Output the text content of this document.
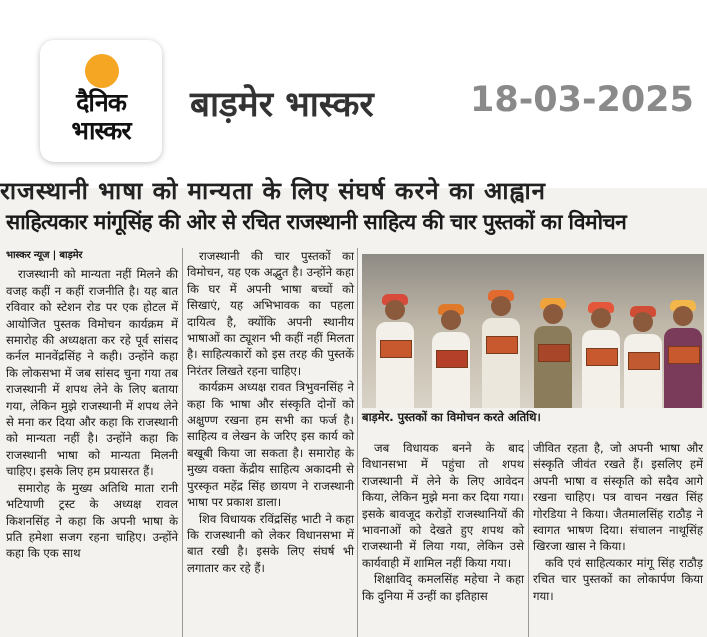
दैनिक
भास्कर
बाड़मेर भास्कर	18-03-2025
राजस्थानी भाषा को मान्यता के लिए संघर्ष करने का आह्वान
साहित्यकार मांगूसिंह की ओर से रचित राजस्थानी साहित्य की चार पुस्तकों का विमोचन
भास्कर न्यूज | बाड़मेर

राजस्थानी को मान्यता नहीं मिलने की वजह कहीं न कहीं राजनीति है। यह बात रविवार को स्टेशन रोड पर एक होटल में आयोजित पुस्तक विमोचन कार्यक्रम में समारोह की अध्यक्षता कर रहे पूर्व सांसद कर्नल मानवेंद्रसिंह ने कही। उन्होंने कहा कि लोकसभा में जब सांसद चुना गया तब राजस्थानी में शपथ लेने के लिए बताया गया, लेकिन मुझे राजस्थानी में शपथ लेने से मना कर दिया और कहा कि राजस्थानी को मान्यता नहीं है। उन्होंने कहा कि राजस्थानी भाषा को मान्यता मिलनी चाहिए। इसके लिए हम प्रयासरत हैं।

समारोह के मुख्य अतिथि माता रानी भटियाणी ट्रस्ट के अध्यक्ष रावल किशनसिंह ने कहा कि अपनी भाषा के प्रति हमेशा सजग रहना चाहिए। उन्होंने कहा कि एक साथ

राजस्थानी की चार पुस्तकों का विमोचन, यह एक अद्भुत है। उन्होंने कहा कि घर में अपनी भाषा बच्चों को सिखाएं, यह अभिभावक का पहला दायित्व है, क्योंकि अपनी स्थानीय भाषाओं का ट्यूशन भी कहीं नहीं मिलता है। साहित्यकारों को इस तरह की पुस्तकें निरंतर लिखते रहना चाहिए।

कार्यक्रम अध्यक्ष रावत त्रिभुवनसिंह ने कहा कि भाषा और संस्कृति दोनों को अक्षुण्ण रखना हम सभी का फर्ज है। साहित्य व लेखन के जरिए इस कार्य को बखूबी किया जा सकता है। समारोह के मुख्य वक्ता केंद्रीय साहित्य अकादमी से पुरस्कृत महेंद्र सिंह छायण ने राजस्थानी भाषा पर प्रकाश डाला।

शिव विधायक रविंद्रसिंह भाटी ने कहा कि राजस्थानी को लेकर विधानसभा में बात रखी है। इसके लिए संघर्ष भी लगातार कर रहे हैं।

बाड़मेर. पुस्तकों का विमोचन करते अतिथि।

जब विधायक बनने के बाद विधानसभा में पहुंचा तो शपथ राजस्थानी में लेने के लिए आवेदन किया, लेकिन मुझे मना कर दिया गया। इसके बावजूद करोड़ों राजस्थानियों की भावनाओं को देखते हुए शपथ को राजस्थानी में लिया गया, लेकिन उसे कार्यवाही में शामिल नहीं किया गया।

शिक्षाविद् कमलसिंह महेचा ने कहा कि दुनिया में उन्हीं का इतिहास

जीवित रहता है, जो अपनी भाषा और संस्कृति जीवंत रखते हैं। इसलिए हमें अपनी भाषा व संस्कृति को सदैव आगे रखना चाहिए। पत्र वाचन नखत सिंह गोरडिया ने किया। जैतमालसिंह राठौड़ ने स्वागत भाषण दिया। संचालन नाथूसिंह खिरजा खास ने किया।

कवि एवं साहित्यकार मांगू सिंह राठौड़ रचित चार पुस्तकों का लोकार्पण किया गया।
